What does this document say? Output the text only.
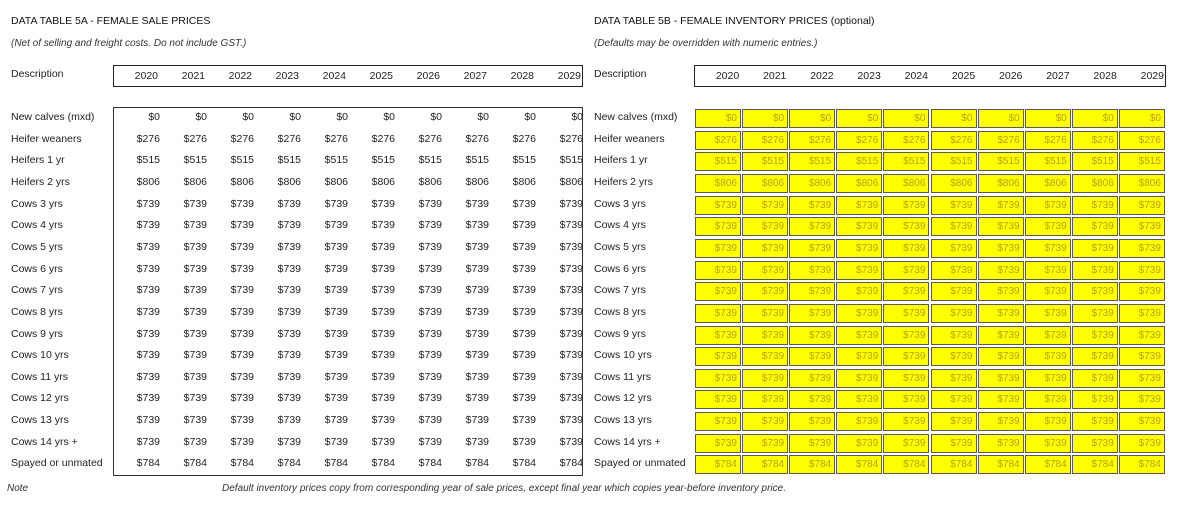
DATA TABLE 5A - FEMALE SALE PRICES
(Net of selling and freight costs. Do not include GST.)
Description	2020	2021	2022	2023	2024	2025	2026	2027	2028	2029
New calves (mxd)	$0	$0	$0	$0	$0	$0	$0	$0	$0	$0
Heifer weaners	$276	$276	$276	$276	$276	$276	$276	$276	$276	$276
Heifers 1 yr	$515	$515	$515	$515	$515	$515	$515	$515	$515	$515
Heifers 2 yrs	$806	$806	$806	$806	$806	$806	$806	$806	$806	$806
Cows 3 yrs	$739	$739	$739	$739	$739	$739	$739	$739	$739	$739
Cows 4 yrs	$739	$739	$739	$739	$739	$739	$739	$739	$739	$739
Cows 5 yrs	$739	$739	$739	$739	$739	$739	$739	$739	$739	$739
Cows 6 yrs	$739	$739	$739	$739	$739	$739	$739	$739	$739	$739
Cows 7 yrs	$739	$739	$739	$739	$739	$739	$739	$739	$739	$739
Cows 8 yrs	$739	$739	$739	$739	$739	$739	$739	$739	$739	$739
Cows 9 yrs	$739	$739	$739	$739	$739	$739	$739	$739	$739	$739
Cows 10 yrs	$739	$739	$739	$739	$739	$739	$739	$739	$739	$739
Cows 11 yrs	$739	$739	$739	$739	$739	$739	$739	$739	$739	$739
Cows 12 yrs	$739	$739	$739	$739	$739	$739	$739	$739	$739	$739
Cows 13 yrs	$739	$739	$739	$739	$739	$739	$739	$739	$739	$739
Cows 14 yrs +	$739	$739	$739	$739	$739	$739	$739	$739	$739	$739
Spayed or unmated	$784	$784	$784	$784	$784	$784	$784	$784	$784	$784
DATA TABLE 5B - FEMALE INVENTORY PRICES (optional)
(Defaults may be overridden with numeric entries.)
Description	2020	2021	2022	2023	2024	2025	2026	2027	2028	2029
New calves (mxd)	$0	$0	$0	$0	$0	$0	$0	$0	$0	$0
Heifer weaners	$276	$276	$276	$276	$276	$276	$276	$276	$276	$276
Heifers 1 yr	$515	$515	$515	$515	$515	$515	$515	$515	$515	$515
Heifers 2 yrs	$806	$806	$806	$806	$806	$806	$806	$806	$806	$806
Cows 3 yrs	$739	$739	$739	$739	$739	$739	$739	$739	$739	$739
Cows 4 yrs	$739	$739	$739	$739	$739	$739	$739	$739	$739	$739
Cows 5 yrs	$739	$739	$739	$739	$739	$739	$739	$739	$739	$739
Cows 6 yrs	$739	$739	$739	$739	$739	$739	$739	$739	$739	$739
Cows 7 yrs	$739	$739	$739	$739	$739	$739	$739	$739	$739	$739
Cows 8 yrs	$739	$739	$739	$739	$739	$739	$739	$739	$739	$739
Cows 9 yrs	$739	$739	$739	$739	$739	$739	$739	$739	$739	$739
Cows 10 yrs	$739	$739	$739	$739	$739	$739	$739	$739	$739	$739
Cows 11 yrs	$739	$739	$739	$739	$739	$739	$739	$739	$739	$739
Cows 12 yrs	$739	$739	$739	$739	$739	$739	$739	$739	$739	$739
Cows 13 yrs	$739	$739	$739	$739	$739	$739	$739	$739	$739	$739
Cows 14 yrs +	$739	$739	$739	$739	$739	$739	$739	$739	$739	$739
Spayed or unmated	$784	$784	$784	$784	$784	$784	$784	$784	$784	$784
Note	Default inventory prices copy from corresponding year of sale prices, except final year which copies year-before inventory price.
